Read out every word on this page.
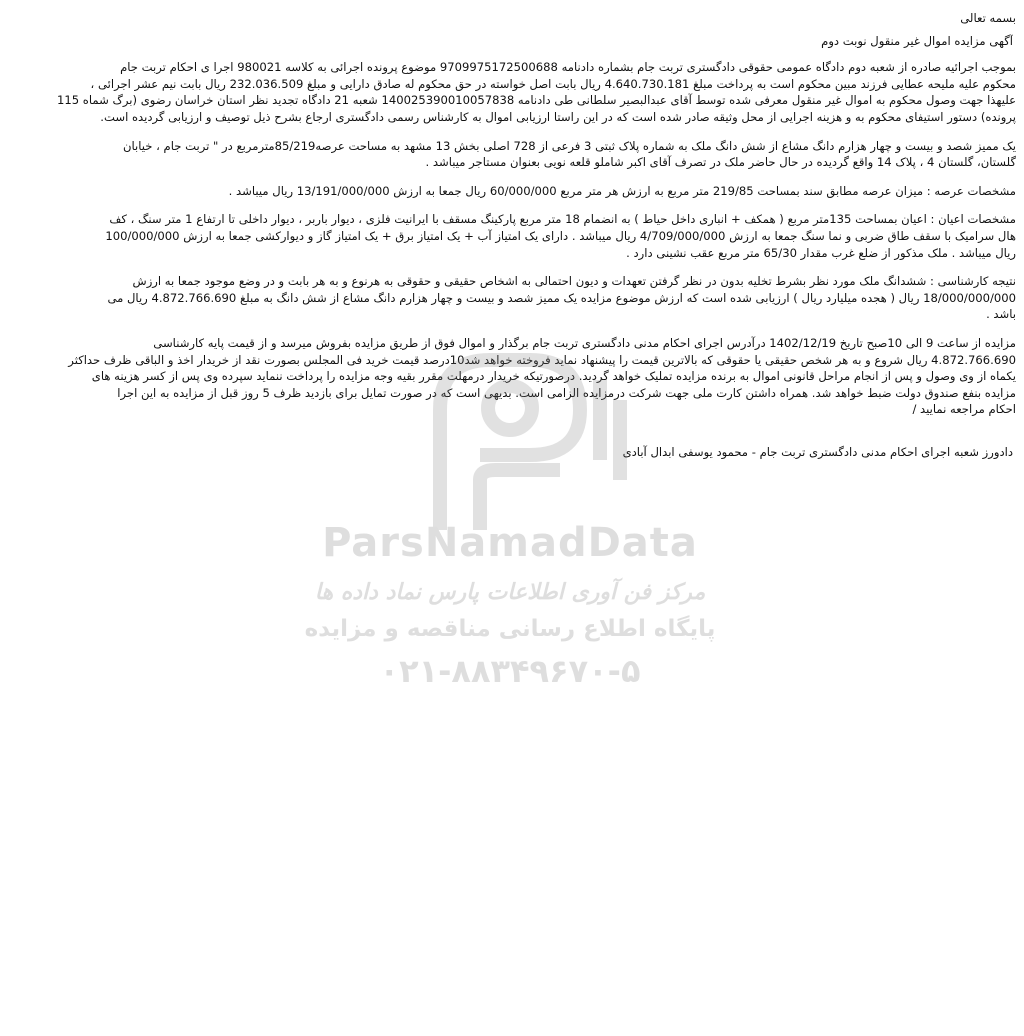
بسمه تعالی
آگهی مزایده اموال غیر منقول نوبت دوم
بموجب اجرائیه صادره از شعبه دوم دادگاه عمومی حقوقی دادگستری تربت جام بشماره دادنامه 9709975172500688 موضوع پرونده اجرائی به کلاسه 980021 اجرا ی احکام تربت جام
محکوم علیه ملیحه عطایی فرزند مبین محکوم است به پرداخت مبلغ 4.640.730.181 ریال بابت اصل خواسته در حق محکوم له صادق دارایی و مبلغ 232.036.509 ریال بابت نیم عشر اجرائی ،
علیهذا جهت وصول محکوم به اموال غیر منقول معرفی شده توسط آقای عبدالبصیر سلطانی طی دادنامه 140025390010057838 شعبه 21 دادگاه تجدید نظر استان خراسان رضوی (برگ شماه 115
پرونده) دستور استیفای محکوم به و هزینه اجرایی از محل وثیقه صادر شده است که در این راستا ارزیابی اموال به کارشناس رسمی دادگستری ارجاع بشرح ذیل توصیف و ارزیابی گردیده است.
یک ممیز شصد و بیست و چهار هزارم دانگ مشاع از شش دانگ ملک به شماره پلاک ثبتی 3 فرعی از 728 اصلی بخش 13 مشهد به مساحت عرصه85/219مترمربع در " تربت جام ، خیابان
گلستان، گلستان 4 ، پلاک 14 واقع گردیده در حال حاضر ملک در تصرف آقای اکبر شاملو قلعه نویی بعنوان مستاجر میباشد .
مشخصات عرصه : میزان عرصه مطابق سند بمساحت 219/85 متر مربع به ارزش هر متر مربع 60/000/000 ریال جمعا به ارزش 13/191/000/000 ریال میباشد .
مشخصات اعیان : اعیان بمساحت 135متر مربع ( همکف + انباری داخل حیاط ) به انضمام 18 متر مربع پارکینگ مسقف با ایرانیت فلزی ، دیوار باربر ، دیوار داخلی تا ارتفاع 1 متر سنگ ، کف
هال سرامیک با سقف طاق ضربی و نما سنگ جمعا به ارزش 4/709/000/000 ریال میباشد . دارای یک امتیاز آب + یک امتیاز برق + یک امتیاز گاز و دیوارکشی جمعا به ارزش 100/000/000
ریال میباشد . ملک مذکور از ضلع غرب مقدار 65/30 متر مربع عقب نشینی دارد .
نتیجه کارشناسی : ششدانگ ملک مورد نظر بشرط تخلیه بدون در نظر گرفتن تعهدات و دیون احتمالی به اشخاص حقیقی و حقوقی به هرنوع و به هر بابت و در وضع موجود جمعا به ارزش
18/000/000/000 ریال ( هجده میلیارد ریال ) ارزیابی شده است که ارزش موضوع مزایده یک ممیز شصد و بیست و چهار هزارم دانگ مشاع از شش دانگ به مبلغ 4.872.766.690 ریال می
باشد .
مزایده از ساعت 9 الی 10صبح تاریخ 1402/12/19 درآدرس اجرای احکام مدنی دادگستری تربت جام برگذار و اموال فوق از طریق مزایده بفروش میرسد و از قیمت پایه کارشناسی
4.872.766.690 ریال شروع و به هر شخص حقیقی یا حقوقی که بالاترین قیمت را پیشنهاد نماید فروخته خواهد شد10درصد قیمت خرید فی المجلس بصورت نقد از خریدار اخذ و الباقی ظرف حداکثر
یکماه از وی وصول و پس از انجام مراحل قانونی اموال به برنده مزایده تملیک خواهد گردید. درصورتیکه خریدار درمهلت مقرر بقیه وجه مزایده را پرداخت ننماید سپرده وی پس از کسر هزینه های
مزایده بنفع صندوق دولت ضبط خواهد شد. همراه داشتن کارت ملی جهت شرکت درمزایده الزامی است. بدیهی است که در صورت تمایل برای بازدید ظرف 5 روز قبل از مزایده به این اجرا
احکام مراجعه نمایید /
دادورز شعبه اجرای احکام مدنی دادگستری تربت جام - محمود یوسفی ابدال آبادی
ParsNamadData
مرکز فن آوری اطلاعات پارس نماد داده ها
پایگاه اطلاع رسانی مناقصه و مزایده
۰۲۱-۸۸۳۴۹۶۷۰-۵
